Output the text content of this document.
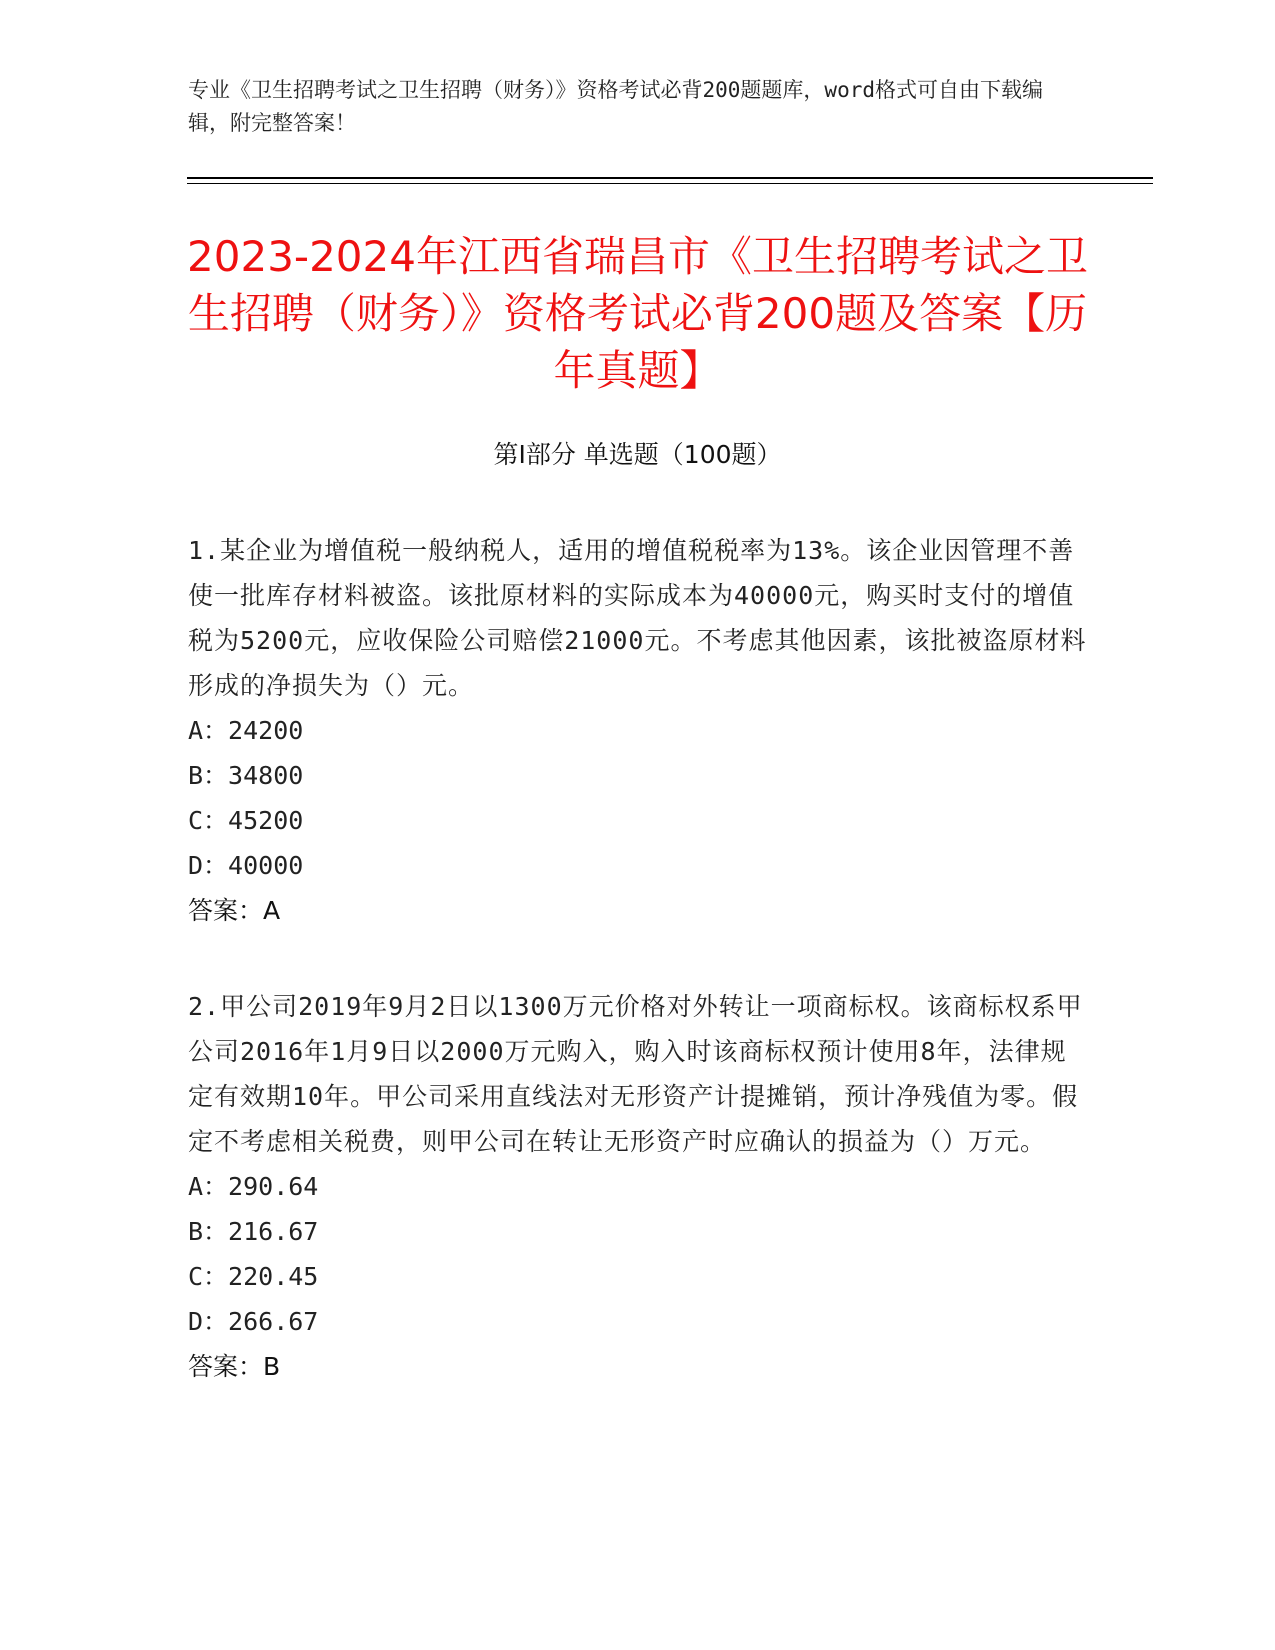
专业《卫生招聘考试之卫生招聘（财务）》资格考试必背200题题库，word格式可自由下载编辑，附完整答案！
2023-2024年江西省瑞昌市《卫生招聘考试之卫生招聘（财务）》资格考试必背200题及答案【历年真题】
第I部分 单选题（100题）
1.某企业为增值税一般纳税人，适用的增值税税率为13%。该企业因管理不善使一批库存材料被盗。该批原材料的实际成本为40000元，购买时支付的增值税为5200元，应收保险公司赔偿21000元。不考虑其他因素，该批被盗原材料形成的净损失为（）元。
A：24200
B：34800
C：45200
D：40000
答案：A
2.甲公司2019年9月2日以1300万元价格对外转让一项商标权。该商标权系甲公司2016年1月9日以2000万元购入，购入时该商标权预计使用8年，法律规定有效期10年。甲公司采用直线法对无形资产计提摊销，预计净残值为零。假定不考虑相关税费，则甲公司在转让无形资产时应确认的损益为（）万元。
A：290.64
B：216.67
C：220.45
D：266.67
答案：B
